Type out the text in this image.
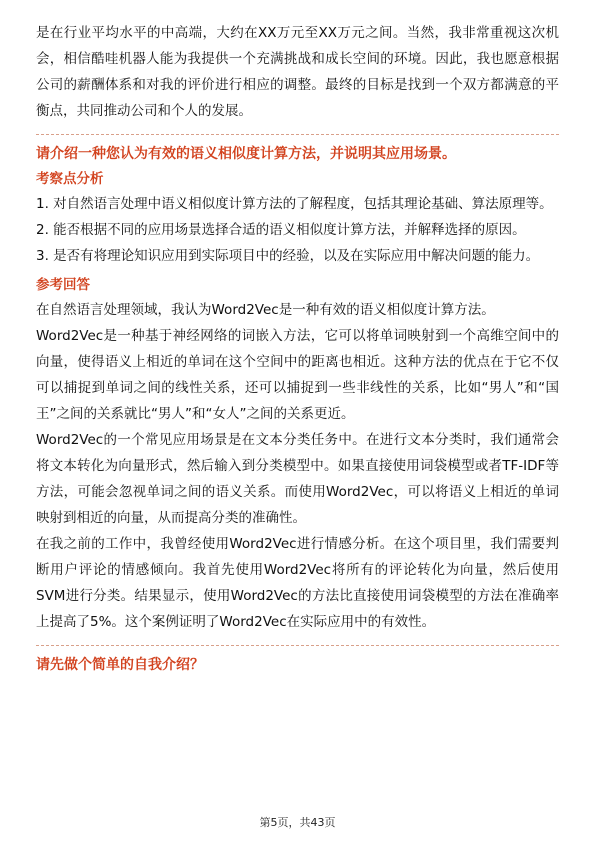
是在行业平均水平的中高端，大约在XX万元至XX万元之间。当然，我非常重视这次机会，相信酷哇机器人能为我提供一个充满挑战和成长空间的环境。因此，我也愿意根据公司的薪酬体系和对我的评价进行相应的调整。最终的目标是找到一个双方都满意的平衡点，共同推动公司和个人的发展。

请介绍一种您认为有效的语义相似度计算方法，并说明其应用场景。

考察点分析

1. 对自然语言处理中语义相似度计算方法的了解程度，包括其理论基础、算法原理等。

2. 能否根据不同的应用场景选择合适的语义相似度计算方法，并解释选择的原因。

3. 是否有将理论知识应用到实际项目中的经验，以及在实际应用中解决问题的能力。

参考回答

在自然语言处理领域，我认为Word2Vec是一种有效的语义相似度计算方法。

Word2Vec是一种基于神经网络的词嵌入方法，它可以将单词映射到一个高维空间中的向量，使得语义上相近的单词在这个空间中的距离也相近。这种方法的优点在于它不仅可以捕捉到单词之间的线性关系，还可以捕捉到一些非线性的关系，比如“男人”和“国王”之间的关系就比“男人”和“女人”之间的关系更近。

Word2Vec的一个常见应用场景是在文本分类任务中。在进行文本分类时，我们通常会将文本转化为向量形式，然后输入到分类模型中。如果直接使用词袋模型或者TF-IDF等方法，可能会忽视单词之间的语义关系。而使用Word2Vec，可以将语义上相近的单词映射到相近的向量，从而提高分类的准确性。

在我之前的工作中，我曾经使用Word2Vec进行情感分析。在这个项目里，我们需要判断用户评论的情感倾向。我首先使用Word2Vec将所有的评论转化为向量，然后使用SVM进行分类。结果显示，使用Word2Vec的方法比直接使用词袋模型的方法在准确率上提高了5%。这个案例证明了Word2Vec在实际应用中的有效性。

请先做个简单的自我介绍？

第5页，共43页
